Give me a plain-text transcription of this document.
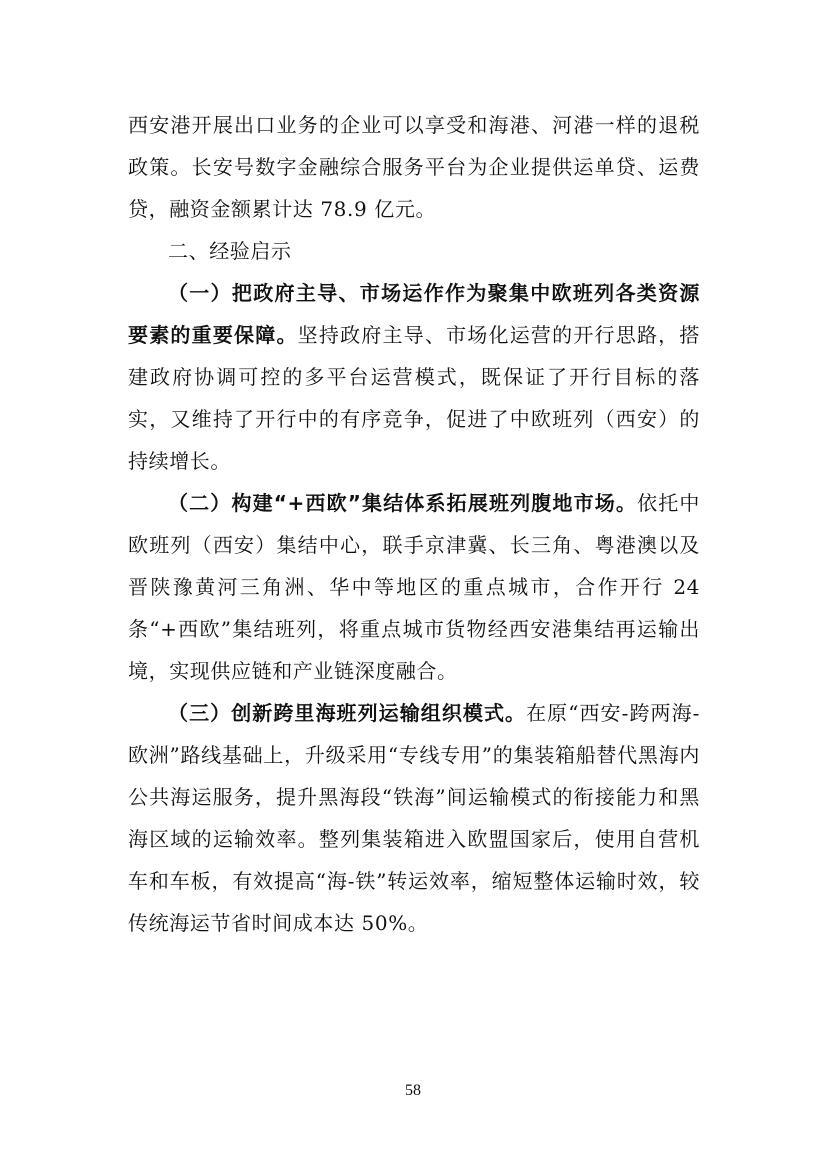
西安港开展出口业务的企业可以享受和海港、河港一样的退税政策。长安号数字金融综合服务平台为企业提供运单贷、运费贷，融资金额累计达 78.9 亿元。

二、经验启示

（一）把政府主导、市场运作作为聚集中欧班列各类资源要素的重要保障。坚持政府主导、市场化运营的开行思路，搭建政府协调可控的多平台运营模式，既保证了开行目标的落实，又维持了开行中的有序竞争，促进了中欧班列（西安）的持续增长。

（二）构建“+西欧”集结体系拓展班列腹地市场。依托中欧班列（西安）集结中心，联手京津冀、长三角、粤港澳以及晋陕豫黄河三角洲、华中等地区的重点城市，合作开行 24 条“+西欧”集结班列，将重点城市货物经西安港集结再运输出境，实现供应链和产业链深度融合。

（三）创新跨里海班列运输组织模式。在原“西安-跨两海-欧洲”路线基础上，升级采用“专线专用”的集装箱船替代黑海内公共海运服务，提升黑海段“铁海”间运输模式的衔接能力和黑海区域的运输效率。整列集装箱进入欧盟国家后，使用自营机车和车板，有效提高“海-铁”转运效率，缩短整体运输时效，较传统海运节省时间成本达 50%。

58
